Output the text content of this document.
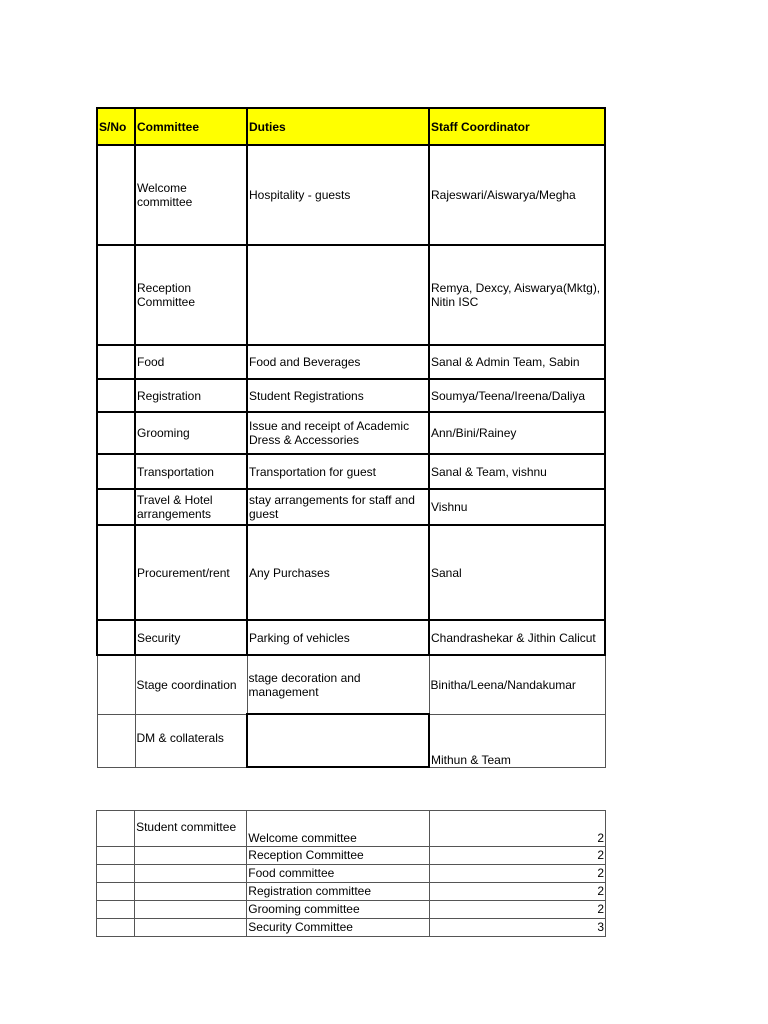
S/No	Committee	Duties	Staff Coordinator
	Welcome committee	Hospitality - guests	Rajeswari/Aiswarya/Megha
	Reception Committee		Remya, Dexcy, Aiswarya(Mktg), Nitin ISC
	Food	Food and Beverages	Sanal & Admin Team, Sabin
	Registration	Student Registrations	Soumya/Teena/Ireena/Daliya
	Grooming	Issue and receipt of Academic Dress & Accessories	Ann/Bini/Rainey
	Transportation	Transportation for guest	Sanal & Team, vishnu
	Travel & Hotel arrangements	stay arrangements for staff and guest	Vishnu
	Procurement/rent	Any Purchases	Sanal
	Security	Parking of vehicles	Chandrashekar & Jithin Calicut
	Stage coordination	stage decoration and management	Binitha/Leena/Nandakumar
	DM & collaterals		Mithun & Team
	Student committee	Welcome committee	2
		Reception Committee	2
		Food committee	2
		Registration committee	2
		Grooming committee	2
		Security Committee	3
